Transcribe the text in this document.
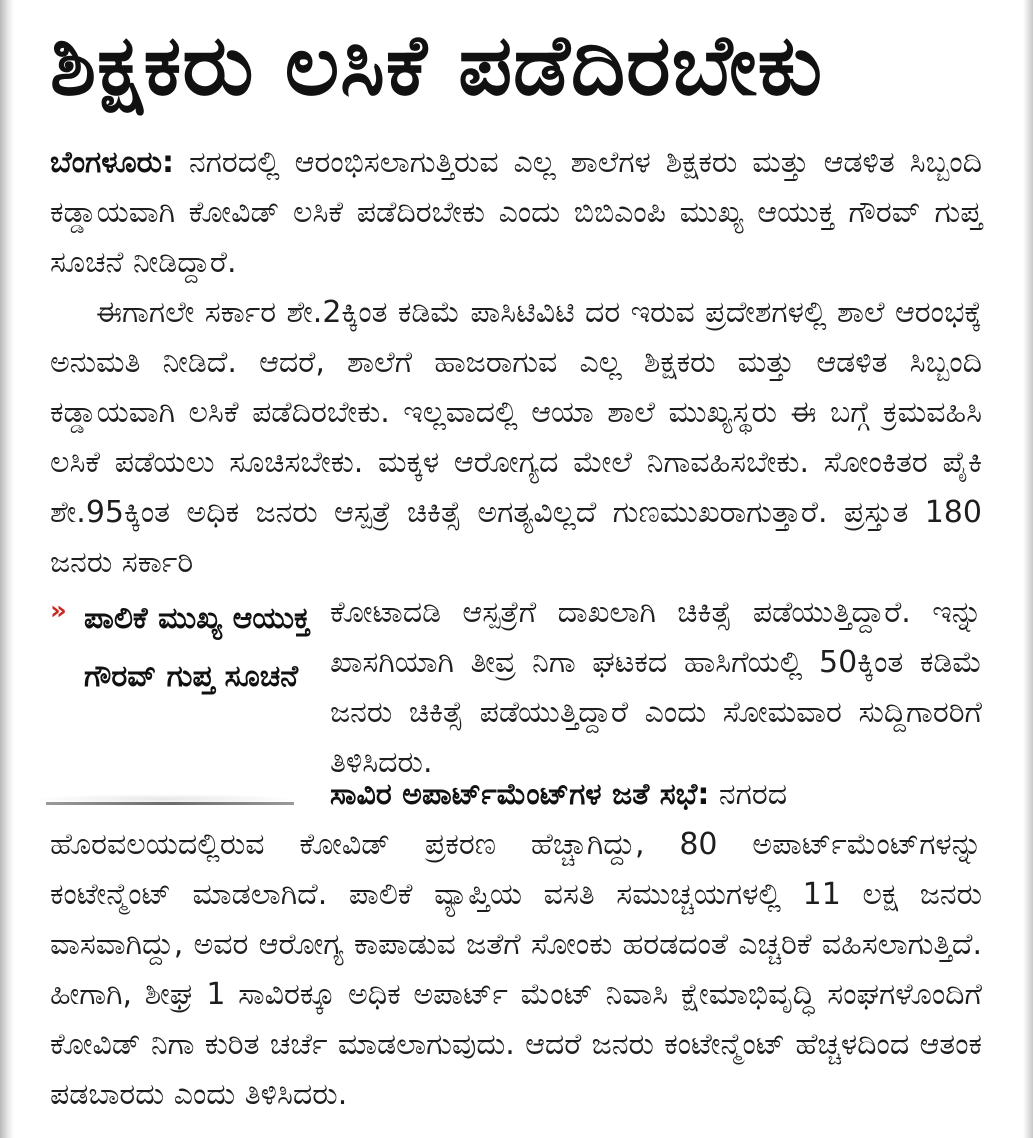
ಶಿಕ್ಷಕರು ಲಸಿಕೆ ಪಡೆದಿರಬೇಕು

ಬೆಂಗಳೂರು: ನಗರದಲ್ಲಿ ಆರಂಭಿಸಲಾಗುತ್ತಿರುವ ಎಲ್ಲ ಶಾಲೆಗಳ ಶಿಕ್ಷಕರು ಮತ್ತು ಆಡಳಿತ ಸಿಬ್ಬಂದಿ ಕಡ್ಡಾಯವಾಗಿ ಕೋವಿಡ್ ಲಸಿಕೆ ಪಡೆದಿರಬೇಕು ಎಂದು ಬಿಬಿಎಂಪಿ ಮುಖ್ಯ ಆಯುಕ್ತ ಗೌರವ್ ಗುಪ್ತ ಸೂಚನೆ ನೀಡಿದ್ದಾರೆ.

ಈಗಾಗಲೇ ಸರ್ಕಾರ ಶೇ.2ಕ್ಕಿಂತ ಕಡಿಮೆ ಪಾಸಿಟಿವಿಟಿ ದರ ಇರುವ ಪ್ರದೇಶಗಳಲ್ಲಿ ಶಾಲೆ ಆರಂಭಕ್ಕೆ ಅನುಮತಿ ನೀಡಿದೆ. ಆದರೆ, ಶಾಲೆಗೆ ಹಾಜರಾಗುವ ಎಲ್ಲ ಶಿಕ್ಷಕರು ಮತ್ತು ಆಡಳಿತ ಸಿಬ್ಬಂದಿ ಕಡ್ಡಾಯವಾಗಿ ಲಸಿಕೆ ಪಡೆದಿರಬೇಕು. ಇಲ್ಲವಾದಲ್ಲಿ ಆಯಾ ಶಾಲೆ ಮುಖ್ಯಸ್ಥರು ಈ ಬಗ್ಗೆ ಕ್ರಮವಹಿಸಿ ಲಸಿಕೆ ಪಡೆಯಲು ಸೂಚಿಸಬೇಕು. ಮಕ್ಕಳ ಆರೋಗ್ಯದ ಮೇಲೆ ನಿಗಾವಹಿಸಬೇಕು. ಸೋಂಕಿತರ ಪೈಕಿ ಶೇ.95ಕ್ಕಿಂತ ಅಧಿಕ ಜನರು ಆಸ್ಪತ್ರೆ ಚಿಕಿತ್ಸೆ ಅಗತ್ಯವಿಲ್ಲದೆ ಗುಣಮುಖರಾಗುತ್ತಾರೆ. ಪ್ರಸ್ತುತ 180 ಜನರು ಸರ್ಕಾರಿ

» ಪಾಲಿಕೆ ಮುಖ್ಯ ಆಯುಕ್ತ ಗೌರವ್ ಗುಪ್ತ ಸೂಚನೆ

ಕೋಟಾದಡಿ ಆಸ್ಪತ್ರೆಗೆ ದಾಖಲಾಗಿ ಚಿಕಿತ್ಸೆ ಪಡೆಯುತ್ತಿದ್ದಾರೆ. ಇನ್ನು ಖಾಸಗಿಯಾಗಿ ತೀವ್ರ ನಿಗಾ ಘಟಕದ ಹಾಸಿಗೆಯಲ್ಲಿ 50ಕ್ಕಿಂತ ಕಡಿಮೆ ಜನರು ಚಿಕಿತ್ಸೆ ಪಡೆಯುತ್ತಿದ್ದಾರೆ ಎಂದು ಸೋಮವಾರ ಸುದ್ದಿಗಾರರಿಗೆ ತಿಳಿಸಿದರು.

ಸಾವಿರ ಅಪಾರ್ಟ್‌ಮೆಂಟ್‌ಗಳ ಜತೆ ಸಭೆ: ನಗರದ

ಹೊರವಲಯದಲ್ಲಿರುವ ಕೋವಿಡ್ ಪ್ರಕರಣ ಹೆಚ್ಚಾಗಿದ್ದು, 80 ಅಪಾರ್ಟ್‌ಮೆಂಟ್‌ಗಳನ್ನು ಕಂಟೇನ್ಮೆಂಟ್ ಮಾಡಲಾಗಿದೆ. ಪಾಲಿಕೆ ವ್ಯಾಪ್ತಿಯ ವಸತಿ ಸಮುಚ್ಚಯಗಳಲ್ಲಿ 11 ಲಕ್ಷ ಜನರು ವಾಸವಾಗಿದ್ದು, ಅವರ ಆರೋಗ್ಯ ಕಾಪಾಡುವ ಜತೆಗೆ ಸೋಂಕು ಹರಡದಂತೆ ಎಚ್ಚರಿಕೆ ವಹಿಸಲಾಗುತ್ತಿದೆ. ಹೀಗಾಗಿ, ಶೀಘ್ರ 1 ಸಾವಿರಕ್ಕೂ ಅಧಿಕ ಅಪಾರ್ಟ್ ಮೆಂಟ್ ನಿವಾಸಿ ಕ್ಷೇಮಾಭಿವೃದ್ಧಿ ಸಂಘಗಳೊಂದಿಗೆ ಕೋವಿಡ್ ನಿಗಾ ಕುರಿತ ಚರ್ಚೆ ಮಾಡಲಾಗುವುದು. ಆದರೆ ಜನರು ಕಂಟೇನ್ಮೆಂಟ್ ಹೆಚ್ಚಳದಿಂದ ಆತಂಕ ಪಡಬಾರದು ಎಂದು ತಿಳಿಸಿದರು.
